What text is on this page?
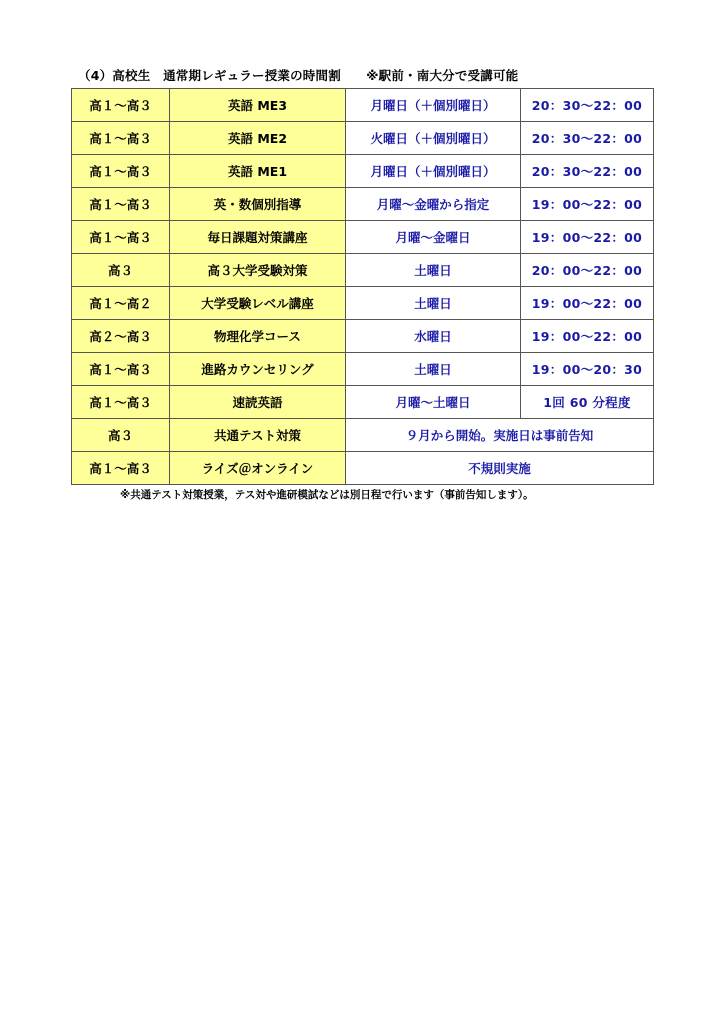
（4）高校生　通常期レギュラー授業の時間割　　※駅前・南大分で受講可能
高１～高３	英語 ME3	月曜日（＋個別曜日）	20：30～22：00
高１～高３	英語 ME2	火曜日（＋個別曜日）	20：30～22：00
高１～高３	英語 ME1	月曜日（＋個別曜日）	20：30～22：00
高１～高３	英・数個別指導	月曜～金曜から指定	19：00～22：00
高１～高３	毎日課題対策講座	月曜～金曜日	19：00～22：00
高３	高３大学受験対策	土曜日	20：00～22：00
高１～高２	大学受験レベル講座	土曜日	19：00～22：00
高２～高３	物理化学コース	水曜日	19：00～22：00
高１～高３	進路カウンセリング	土曜日	19：00～20：30
高１～高３	速読英語	月曜～土曜日	1回 60 分程度
高３	共通テスト対策	９月から開始。実施日は事前告知	
高１～高３	ライズ＠オンライン	不規則実施	
※共通テスト対策授業，テス対や進研模試などは別日程で行います（事前告知します）。
